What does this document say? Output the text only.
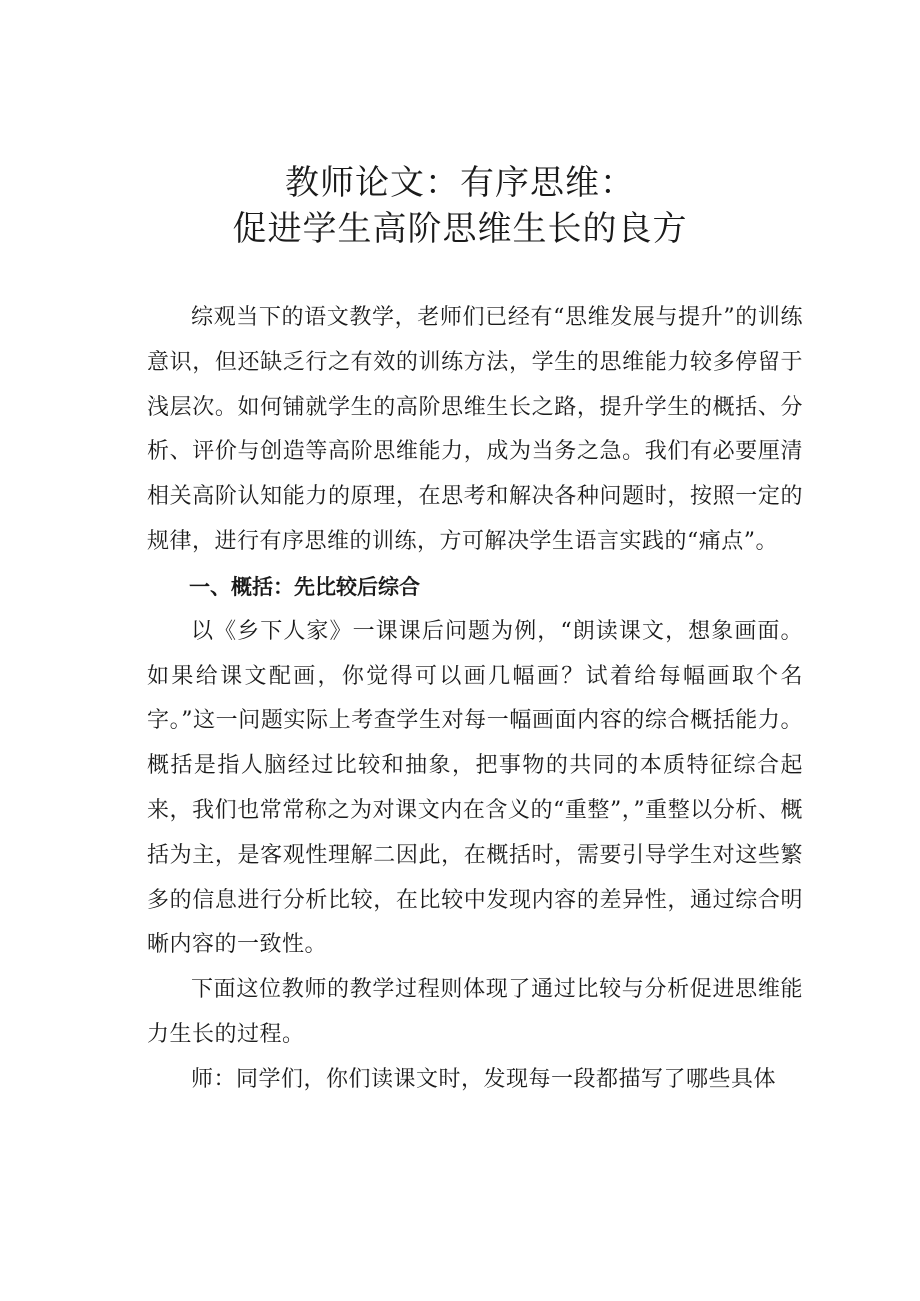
教师论文：有序思维：
促进学生高阶思维生长的良方

综观当下的语文教学，老师们已经有“思维发展与提升”的训练意识，但还缺乏行之有效的训练方法，学生的思维能力较多停留于浅层次。如何铺就学生的高阶思维生长之路，提升学生的概括、分析、评价与创造等高阶思维能力，成为当务之急。我们有必要厘清相关高阶认知能力的原理，在思考和解决各种问题时，按照一定的规律，进行有序思维的训练，方可解决学生语言实践的“痛点”。

一、概括：先比较后综合

以《乡下人家》一课课后问题为例，“朗读课文，想象画面。如果给课文配画，你觉得可以画几幅画？试着给每幅画取个名字。”这一问题实际上考查学生对每一幅画面内容的综合概括能力。概括是指人脑经过比较和抽象，把事物的共同的本质特征综合起来，我们也常常称之为对课文内在含义的“重整”，”重整以分析、概括为主，是客观性理解二因此，在概括时，需要引导学生对这些繁多的信息进行分析比较，在比较中发现内容的差异性，通过综合明晰内容的一致性。

下面这位教师的教学过程则体现了通过比较与分析促进思维能力生长的过程。

师：同学们，你们读课文时，发现每一段都描写了哪些具体
